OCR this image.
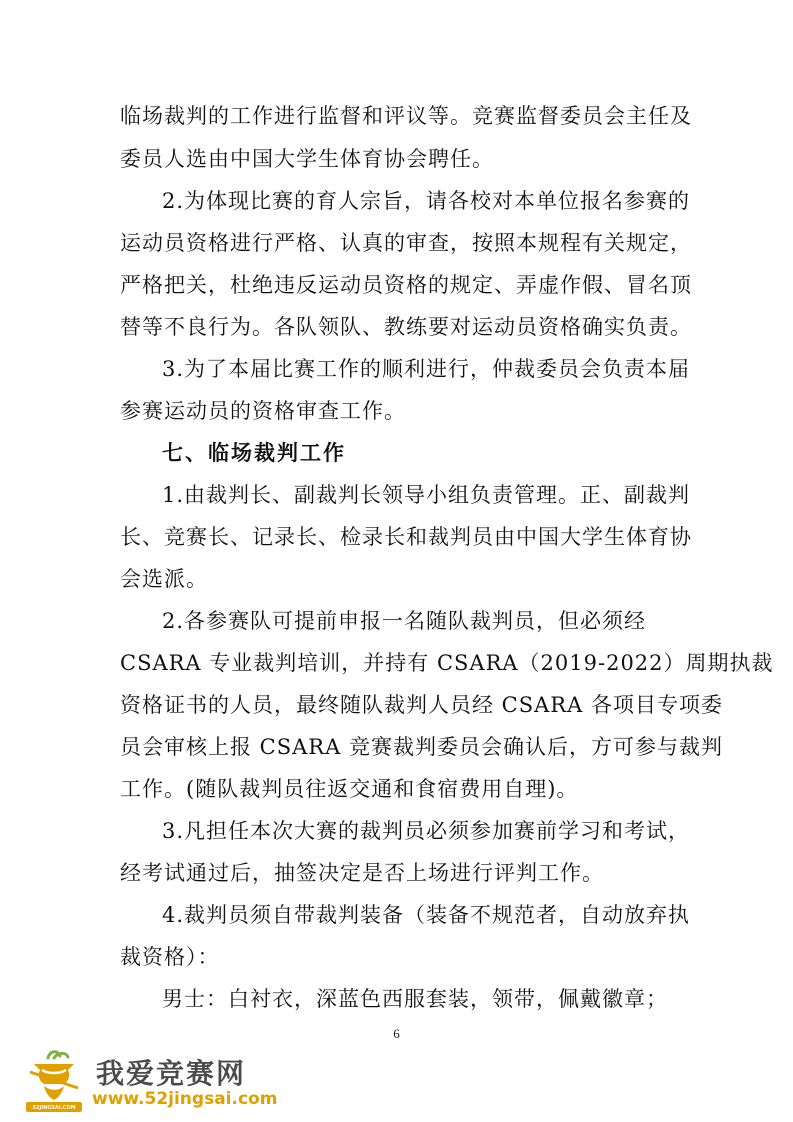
临场裁判的工作进行监督和评议等。竞赛监督委员会主任及
委员人选由中国大学生体育协会聘任。
2.为体现比赛的育人宗旨，请各校对本单位报名参赛的
运动员资格进行严格、认真的审查，按照本规程有关规定，
严格把关，杜绝违反运动员资格的规定、弄虚作假、冒名顶
替等不良行为。各队领队、教练要对运动员资格确实负责。
3.为了本届比赛工作的顺利进行，仲裁委员会负责本届
参赛运动员的资格审查工作。
七、临场裁判工作
1.由裁判长、副裁判长领导小组负责管理。正、副裁判
长、竞赛长、记录长、检录长和裁判员由中国大学生体育协
会选派。
2.各参赛队可提前申报一名随队裁判员，但必须经
CSARA 专业裁判培训，并持有 CSARA（2019-2022）周期执裁
资格证书的人员，最终随队裁判人员经 CSARA 各项目专项委
员会审核上报 CSARA 竞赛裁判委员会确认后，方可参与裁判
工作。(随队裁判员往返交通和食宿费用自理)。
3.凡担任本次大赛的裁判员必须参加赛前学习和考试，
经考试通过后，抽签决定是否上场进行评判工作。
4.裁判员须自带裁判装备（装备不规范者，自动放弃执
裁资格）：
男士：白衬衣，深蓝色西服套装，领带，佩戴徽章；
6
52JINGSAI.COM
我爱竞赛网
www.52jingsai.com
